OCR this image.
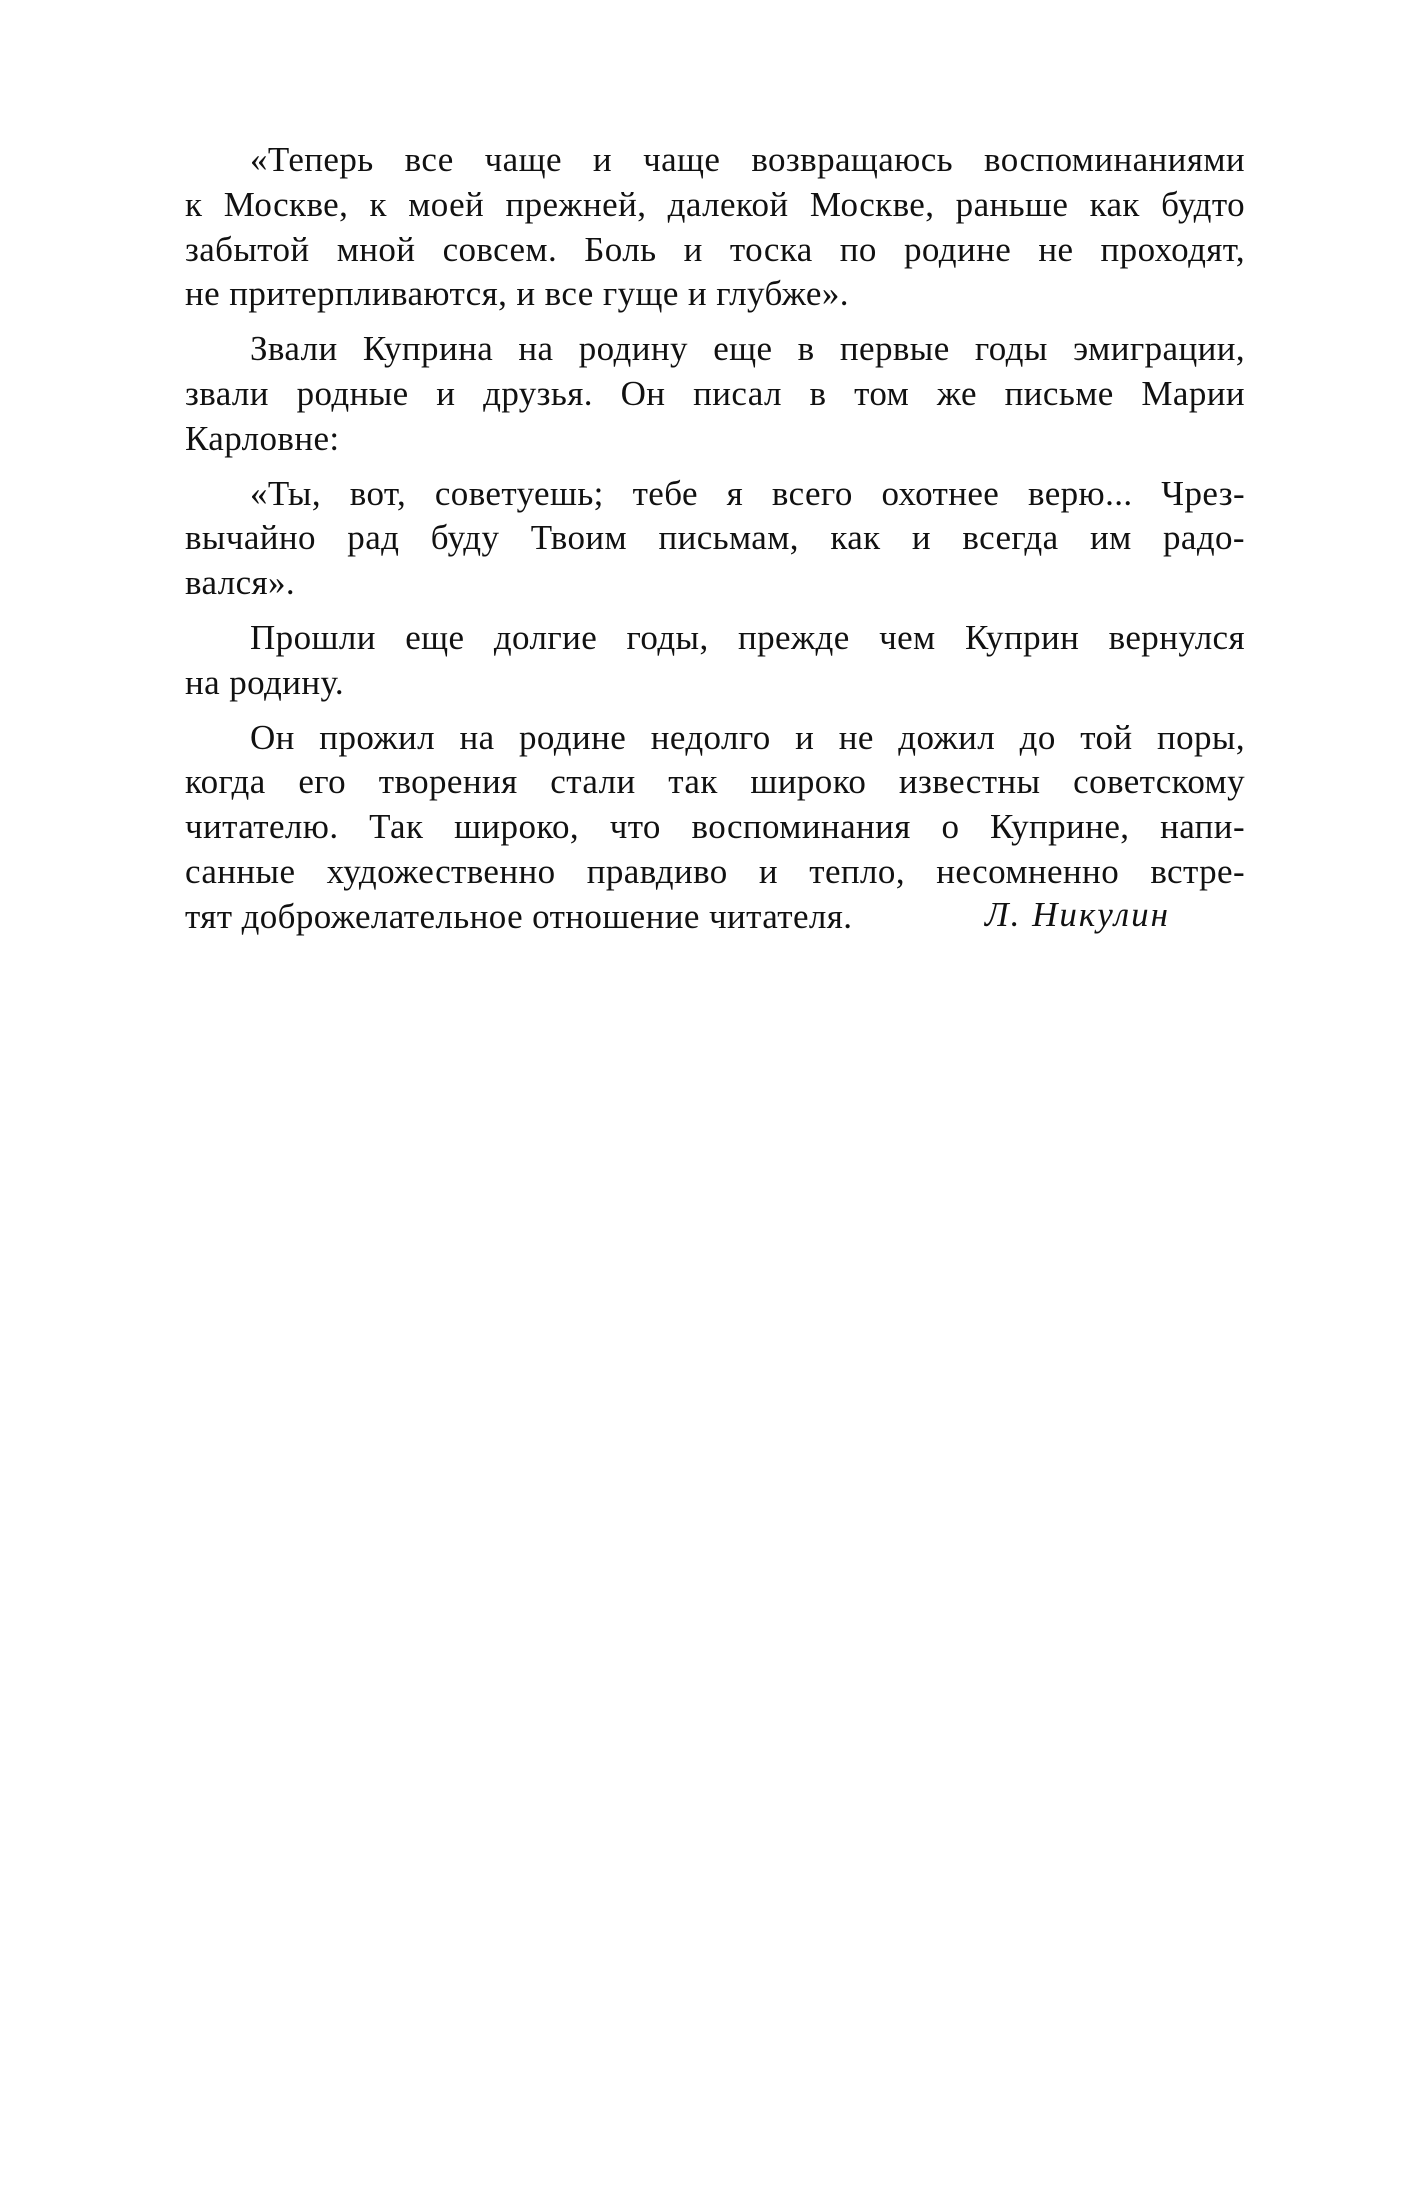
«Теперь все чаще и чаще возвращаюсь воспоминаниями
к Москве, к моей прежней, далекой Москве, раньше как будто
забытой мной совсем. Боль и тоска по родине не проходят,
не притерпливаются, и все гуще и глубже».
Звали Куприна на родину еще в первые годы эмиграции,
звали родные и друзья. Он писал в том же письме Марии
Карловне:
«Ты, вот, советуешь; тебе я всего охотнее верю... Чрез-
вычайно рад буду Твоим письмам, как и всегда им радо-
вался».
Прошли еще долгие годы, прежде чем Куприн вернулся
на родину.
Он прожил на родине недолго и не дожил до той поры,
когда его творения стали так широко известны советскому
читателю. Так широко, что воспоминания о Куприне, напи-
санные художественно правдиво и тепло, несомненно встре-
тят доброжелательное отношение читателя.	Л. Никулин
